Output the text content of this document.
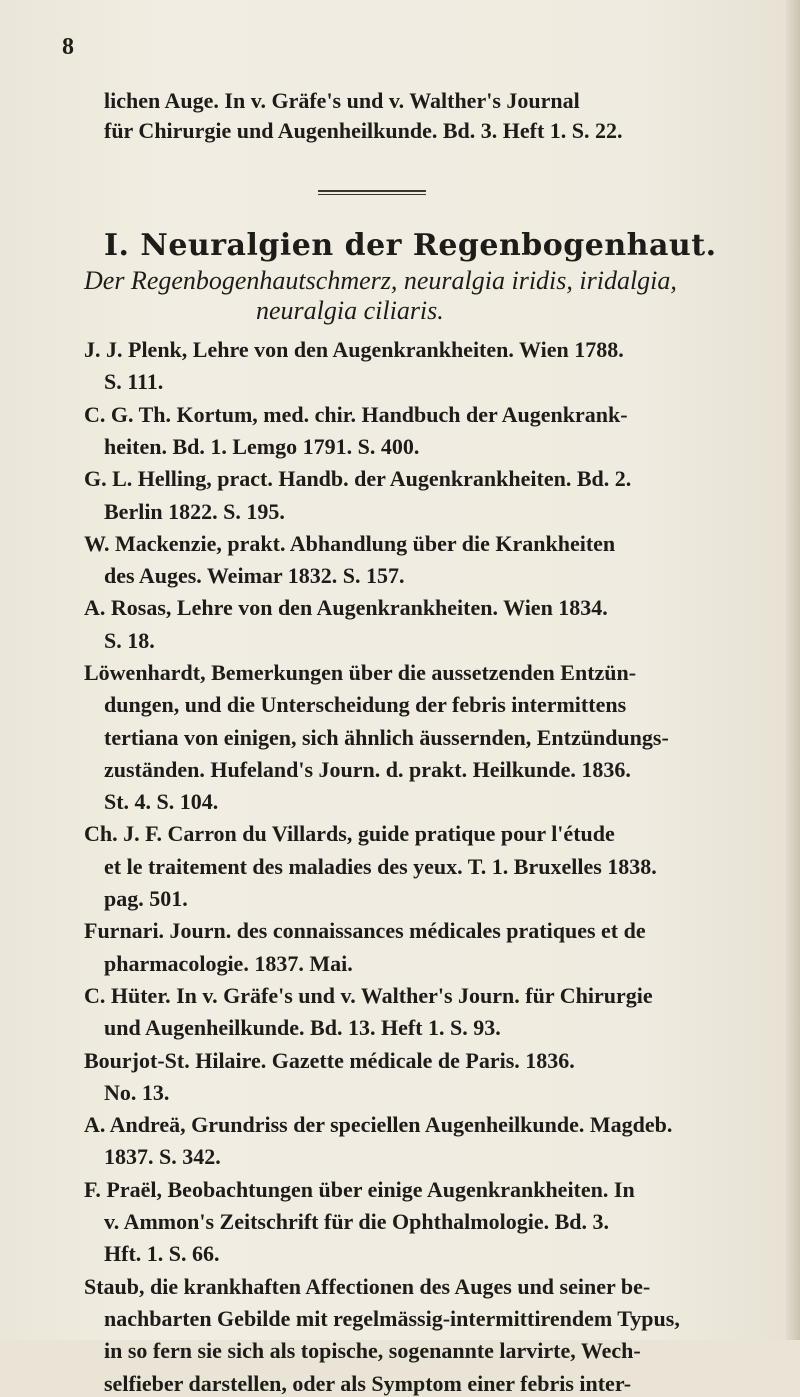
8
lichen Auge. In v. Gräfe's und v. Walther's Journal
für Chirurgie und Augenheilkunde. Bd. 3. Heft 1. S. 22.
I. Neuralgien der Regenbogenhaut.
Der Regenbogenhautschmerz, neuralgia iridis, iridalgia,
neuralgia ciliaris.
J. J. Plenk, Lehre von den Augenkrankheiten. Wien 1788.
S. 111.
C. G. Th. Kortum, med. chir. Handbuch der Augenkrank-
heiten. Bd. 1. Lemgo 1791. S. 400.
G. L. Helling, pract. Handb. der Augenkrankheiten. Bd. 2.
Berlin 1822. S. 195.
W. Mackenzie, prakt. Abhandlung über die Krankheiten
des Auges. Weimar 1832. S. 157.
A. Rosas, Lehre von den Augenkrankheiten. Wien 1834.
S. 18.
Löwenhardt, Bemerkungen über die aussetzenden Entzün-
dungen, und die Unterscheidung der febris intermittens
tertiana von einigen, sich ähnlich äussernden, Entzündungs-
zuständen. Hufeland's Journ. d. prakt. Heilkunde. 1836.
St. 4. S. 104.
Ch. J. F. Carron du Villards, guide pratique pour l'étude
et le traitement des maladies des yeux. T. 1. Bruxelles 1838.
pag. 501.
Furnari. Journ. des connaissances médicales pratiques et de
pharmacologie. 1837. Mai.
C. Hüter. In v. Gräfe's und v. Walther's Journ. für Chirurgie
und Augenheilkunde. Bd. 13. Heft 1. S. 93.
Bourjot-St. Hilaire. Gazette médicale de Paris. 1836.
No. 13.
A. Andreä, Grundriss der speciellen Augenheilkunde. Magdeb.
1837. S. 342.
F. Praël, Beobachtungen über einige Augenkrankheiten. In
v. Ammon's Zeitschrift für die Ophthalmologie. Bd. 3.
Hft. 1. S. 66.
Staub, die krankhaften Affectionen des Auges und seiner be-
nachbarten Gebilde mit regelmässig-intermittirendem Typus,
in so fern sie sich als topische, sogenannte larvirte, Wech-
selfieber darstellen, oder als Symptom einer febris inter-
